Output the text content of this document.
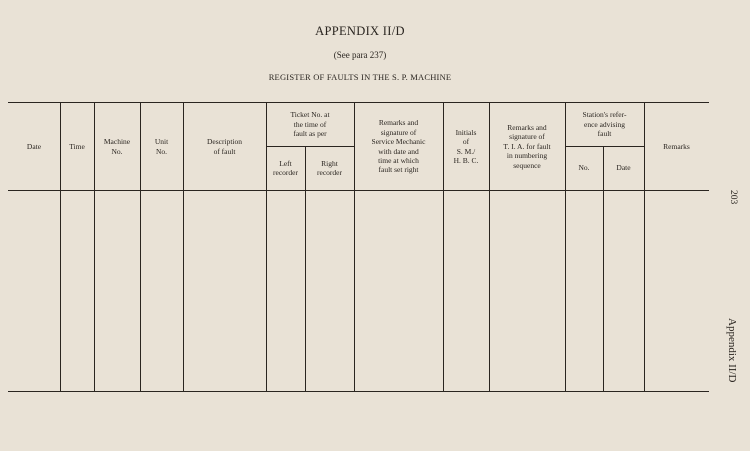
APPENDIX II/D
(See para 237)
REGISTER OF FAULTS IN THE S. P. MACHINE
Date	Time
Machine
No.
Unit
No.
Description
of fault
Ticket No. at
the time of
fault as per
Left
recorder
Right
recorder
Remarks and
signature of
Service Mechanic
with date and
time at which
fault set right
Initials
of
S. M./
H. B. C.
Remarks and
signature of
T. I. A. for fault
in numbering
sequence
Station's refer-
ence advising
fault
No.	Date
Remarks
203
Appendix II/D
